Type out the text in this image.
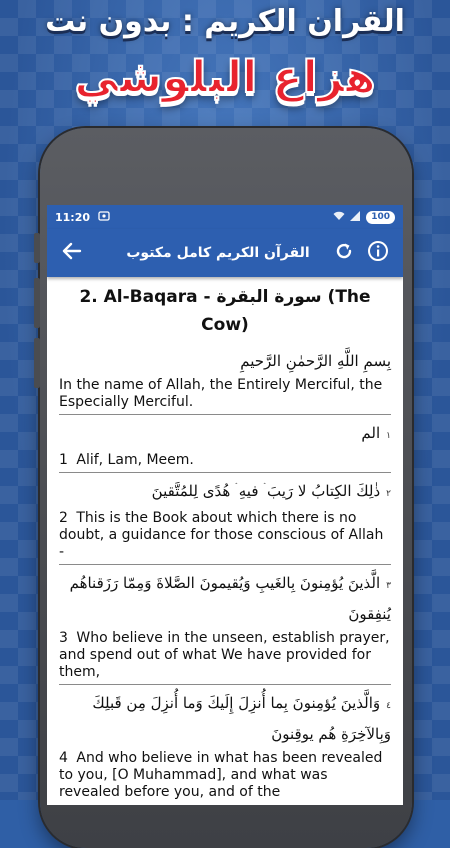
القران الكريم : بدون نت
هزاع البلوشي
11:20	100
القرآن الكريم كامل مكتوب
2. Al-Baqara - سورة البقرة (The Cow)
بِسمِ اللَّهِ الرَّحمٰنِ الرَّحيمِ
In the name of Allah, the Entirely Merciful, the Especially Merciful.
١الم
1 Alif, Lam, Meem.
٢ذٰلِكَ الكِتابُ لا رَيبَ ۛ فيهِ ۛ هُدًى لِلمُتَّقينَ
2 This is the Book about which there is no doubt, a guidance for those conscious of Allah -
٣الَّذينَ يُؤمِنونَ بِالغَيبِ وَيُقيمونَ الصَّلاةَ وَمِمّا رَزَقناهُم يُنفِقونَ
3 Who believe in the unseen, establish prayer, and spend out of what We have provided for them,
٤وَالَّذينَ يُؤمِنونَ بِما أُنزِلَ إِلَيكَ وَما أُنزِلَ مِن قَبلِكَ وَبِالآخِرَةِ هُم يوقِنونَ
4 And who believe in what has been revealed to you, [O Muhammad], and what was revealed before you, and of the
